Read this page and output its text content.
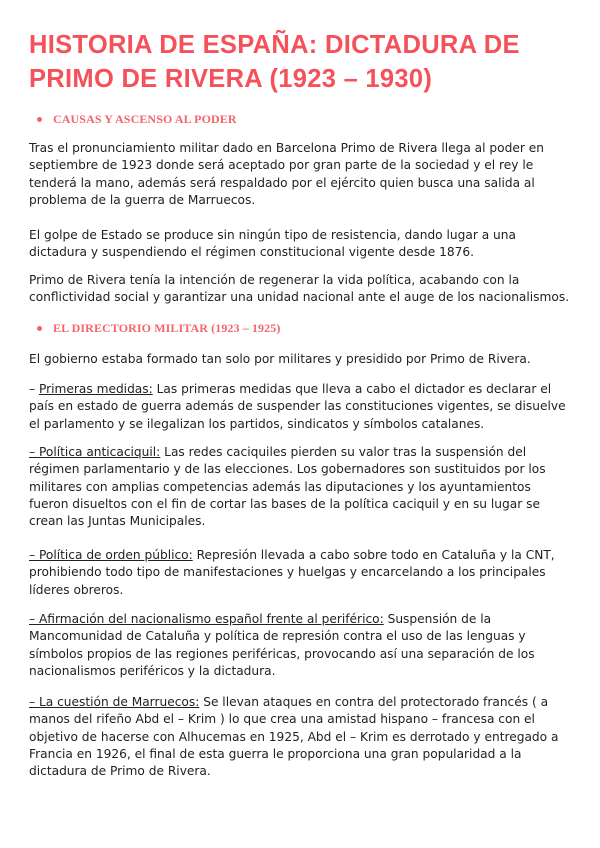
HISTORIA DE ESPAÑA: DICTADURA DE PRIMO DE RIVERA (1923 – 1930)
CAUSAS Y ASCENSO AL PODER

Tras el pronunciamiento militar dado en Barcelona Primo de Rivera llega al poder en septiembre de 1923 donde será aceptado por gran parte de la sociedad y el rey le tenderá la mano, además será respaldado por el ejército quien busca una salida al problema de la guerra de Marruecos.

El golpe de Estado se produce sin ningún tipo de resistencia, dando lugar a una dictadura y suspendiendo el régimen constitucional vigente desde 1876.

Primo de Rivera tenía la intención de regenerar la vida política, acabando con la conflictividad social y garantizar una unidad nacional ante el auge de los nacionalismos.

EL DIRECTORIO MILITAR (1923 – 1925)

El gobierno estaba formado tan solo por militares y presidido por Primo de Rivera.

– Primeras medidas: Las primeras medidas que lleva a cabo el dictador es declarar el país en estado de guerra además de suspender las constituciones vigentes, se disuelve el parlamento y se ilegalizan los partidos, sindicatos y símbolos catalanes.

– Política anticaciquil: Las redes caciquiles pierden su valor tras la suspensión del régimen parlamentario y de las elecciones. Los gobernadores son sustituidos por los militares con amplias competencias además las diputaciones y los ayuntamientos fueron disueltos con el fin de cortar las bases de la política caciquil y en su lugar se crean las Juntas Municipales.

– Política de orden público: Represión llevada a cabo sobre todo en Cataluña y la CNT, prohibiendo todo tipo de manifestaciones y huelgas y encarcelando a los principales líderes obreros.

– Afirmación del nacionalismo español frente al periférico: Suspensión de la Mancomunidad de Cataluña y política de represión contra el uso de las lenguas y símbolos propios de las regiones periféricas, provocando así una separación de los nacionalismos periféricos y la dictadura.

– La cuestión de Marruecos: Se llevan ataques en contra del protectorado francés ( a manos del rifeño Abd el – Krim ) lo que crea una amistad hispano – francesa con el objetivo de hacerse con Alhucemas en 1925, Abd el – Krim es derrotado y entregado a Francia en 1926, el final de esta guerra le proporciona una gran popularidad a la dictadura de Primo de Rivera.
